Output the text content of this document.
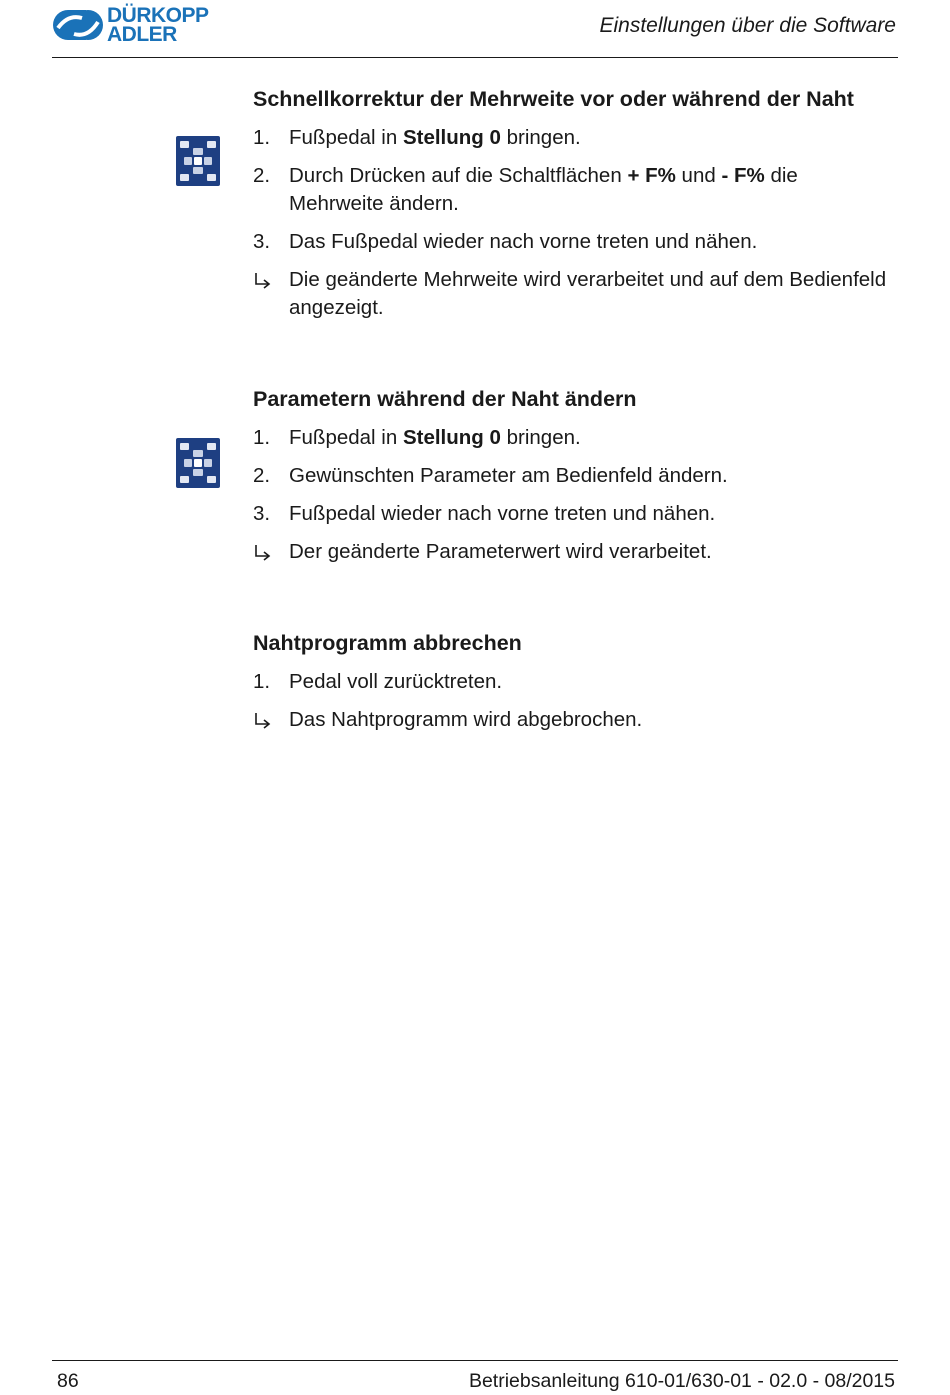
DÜRKOPP
ADLER	Einstellungen über die Software
Schnellkorrektur der Mehrweite vor oder während der Naht
1. Fußpedal in Stellung 0 bringen.
2. Durch Drücken auf die Schaltflächen + F% und - F% die Mehrweite ändern.
3. Das Fußpedal wieder nach vorne treten und nähen.
Die geänderte Mehrweite wird verarbeitet und auf dem Bedienfeld angezeigt.
Parametern während der Naht ändern
1. Fußpedal in Stellung 0 bringen.
2. Gewünschten Parameter am Bedienfeld ändern.
3. Fußpedal wieder nach vorne treten und nähen.
Der geänderte Parameterwert wird verarbeitet.
Nahtprogramm abbrechen
1. Pedal voll zurücktreten.
Das Nahtprogramm wird abgebrochen.
86	Betriebsanleitung 610-01/630-01 - 02.0 - 08/2015
